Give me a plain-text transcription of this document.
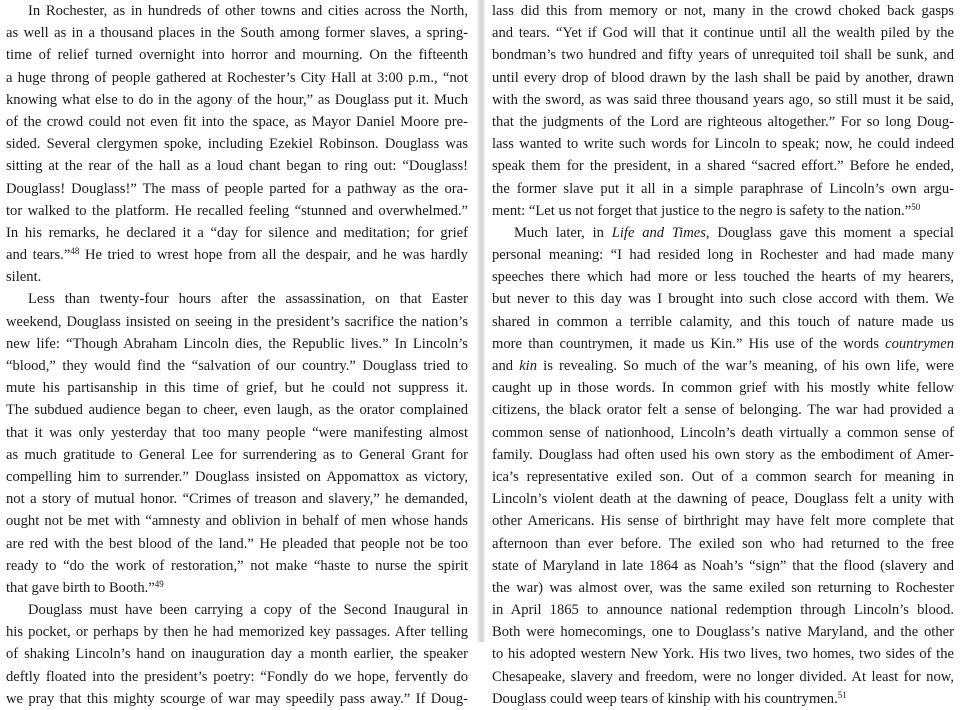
In Rochester, as in hundreds of other towns and cities across the North,
as well as in a thousand places in the South among former slaves, a spring-
time of relief turned overnight into horror and mourning. On the fifteenth
a huge throng of people gathered at Rochester’s City Hall at 3:00 p.m., “not
knowing what else to do in the agony of the hour,” as Douglass put it. Much
of the crowd could not even fit into the space, as Mayor Daniel Moore pre-
sided. Several clergymen spoke, including Ezekiel Robinson. Douglass was
sitting at the rear of the hall as a loud chant began to ring out: “Douglass!
Douglass! Douglass!” The mass of people parted for a pathway as the ora-
tor walked to the platform. He recalled feeling “stunned and overwhelmed.”
In his remarks, he declared it a “day for silence and meditation; for grief
and tears.”$^{48}$ He tried to wrest hope from all the despair, and he was hardly
silent.
Less than twenty-four hours after the assassination, on that Easter
weekend, Douglass insisted on seeing in the president’s sacrifice the nation’s
new life: “Though Abraham Lincoln dies, the Republic lives.” In Lincoln’s
“blood,” they would find the “salvation of our country.” Douglass tried to
mute his partisanship in this time of grief, but he could not suppress it.
The subdued audience began to cheer, even laugh, as the orator complained
that it was only yesterday that too many people “were manifesting almost
as much gratitude to General Lee for surrendering as to General Grant for
compelling him to surrender.” Douglass insisted on Appomattox as victory,
not a story of mutual honor. “Crimes of treason and slavery,” he demanded,
ought not be met with “amnesty and oblivion in behalf of men whose hands
are red with the best blood of the land.” He pleaded that people not be too
ready to “do the work of restoration,” not make “haste to nurse the spirit
that gave birth to Booth.”$^{49}$
Douglass must have been carrying a copy of the Second Inaugural in
his pocket, or perhaps by then he had memorized key passages. After telling
of shaking Lincoln’s hand on inauguration day a month earlier, the speaker
deftly floated into the president’s poetry: “Fondly do we hope, fervently do
we pray that this mighty scourge of war may speedily pass away.” If Doug-
lass did this from memory or not, many in the crowd choked back gasps
and tears. “Yet if God will that it continue until all the wealth piled by the
bondman’s two hundred and fifty years of unrequited toil shall be sunk, and
until every drop of blood drawn by the lash shall be paid by another, drawn
with the sword, as was said three thousand years ago, so still must it be said,
that the judgments of the Lord are righteous altogether.” For so long Doug-
lass wanted to write such words for Lincoln to speak; now, he could indeed
speak them for the president, in a shared “sacred effort.” Before he ended,
the former slave put it all in a simple paraphrase of Lincoln’s own argu-
ment: “Let us not forget that justice to the negro is safety to the nation.”$^{50}$
Much later, in Life and Times, Douglass gave this moment a special
personal meaning: “I had resided long in Rochester and had made many
speeches there which had more or less touched the hearts of my hearers,
but never to this day was I brought into such close accord with them. We
shared in common a terrible calamity, and this touch of nature made us
more than countrymen, it made us Kin.” His use of the words countrymen
and kin is revealing. So much of the war’s meaning, of his own life, were
caught up in those words. In common grief with his mostly white fellow
citizens, the black orator felt a sense of belonging. The war had provided a
common sense of nationhood, Lincoln’s death virtually a common sense of
family. Douglass had often used his own story as the embodiment of Amer-
ica’s representative exiled son. Out of a common search for meaning in
Lincoln’s violent death at the dawning of peace, Douglass felt a unity with
other Americans. His sense of birthright may have felt more complete that
afternoon than ever before. The exiled son who had returned to the free
state of Maryland in late 1864 as Noah’s “sign” that the flood (slavery and
the war) was almost over, was the same exiled son returning to Rochester
in April 1865 to announce national redemption through Lincoln’s blood.
Both were homecomings, one to Douglass’s native Maryland, and the other
to his adopted western New York. His two lives, two homes, two sides of the
Chesapeake, slavery and freedom, were no longer divided. At least for now,
Douglass could weep tears of kinship with his countrymen.$^{51}$
